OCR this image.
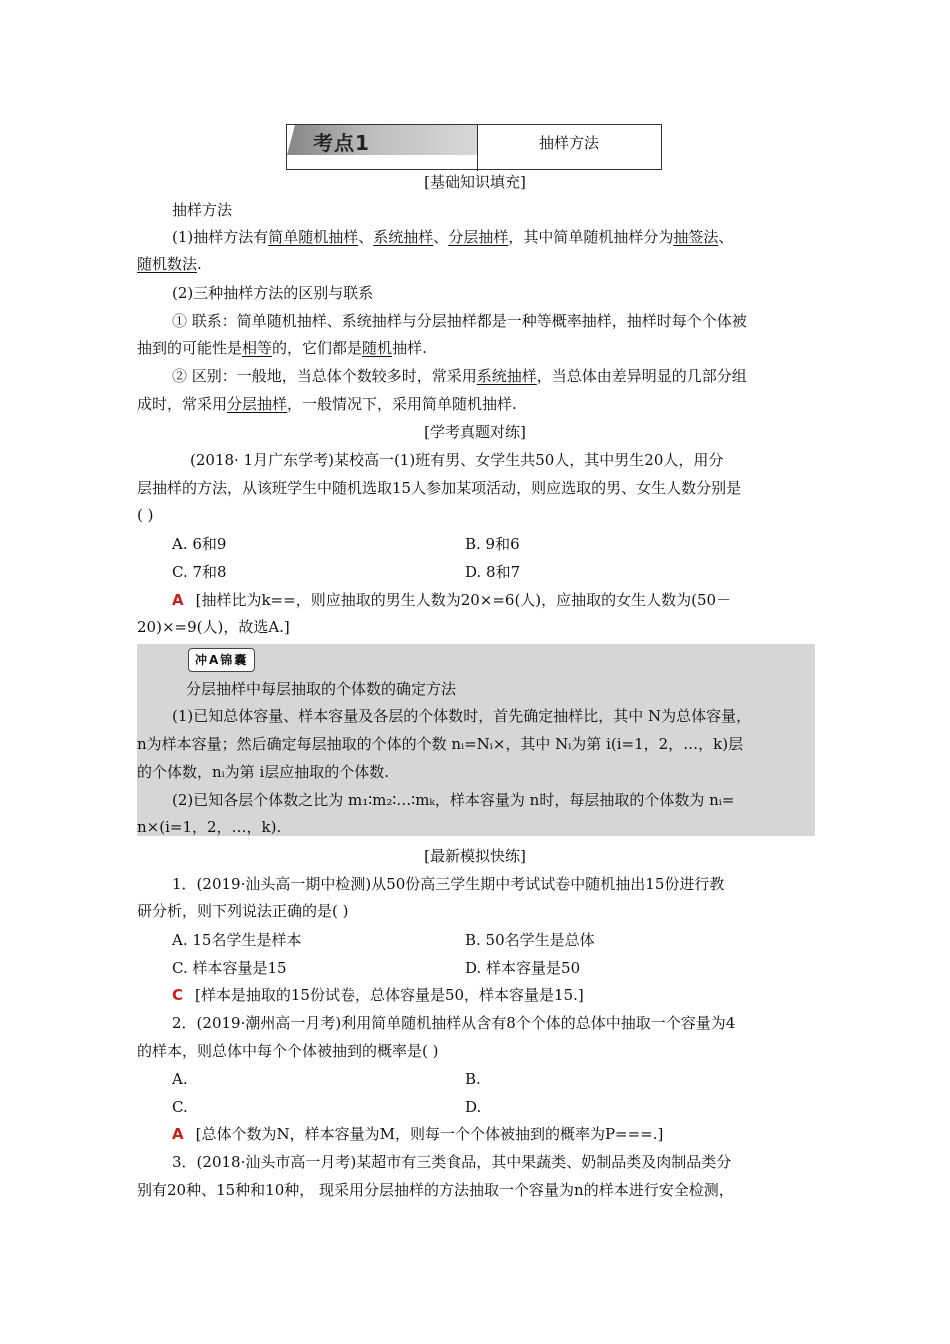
考点1	抽样方法
[基础知识填充]
抽样方法
(1)抽样方法有简单随机抽样、系统抽样、分层抽样，其中简单随机抽样分为抽签法、
随机数法.
(2)三种抽样方法的区别与联系
① 联系：简单随机抽样、系统抽样与分层抽样都是一种等概率抽样，抽样时每个个体被
抽到的可能性是相等的，它们都是随机抽样.
② 区别：一般地，当总体个数较多时，常采用系统抽样，当总体由差异明显的几部分组
成时，常采用分层抽样，一般情况下，采用简单随机抽样.
[学考真题对练]
(2018· 1月广东学考)某校高一(1)班有男、女学生共50人，其中男生20人，用分
层抽样的方法，从该班学生中随机选取15人参加某项活动，则应选取的男、女生人数分别是
( )
A. 6和9	B. 9和6
C. 7和8	D. 8和7
A [抽样比为k==，则应抽取的男生人数为20×=6(人)，应抽取的女生人数为(50－
20)×=9(人)，故选A.]
冲A锦囊
分层抽样中每层抽取的个体数的确定方法
(1)已知总体容量、样本容量及各层的个体数时，首先确定抽样比，其中 N为总体容量，
n为样本容量；然后确定每层抽取的个体的个数 nᵢ=Nᵢ×，其中 Nᵢ为第 i(i=1，2，…，k)层
的个体数，nᵢ为第 i层应抽取的个体数.
(2)已知各层个体数之比为 m₁∶m₂∶…∶mₖ，样本容量为 n时，每层抽取的个体数为 nᵢ=
n×(i=1，2，…，k).
[最新模拟快练]
1．(2019·汕头高一期中检测)从50份高三学生期中考试试卷中随机抽出15份进行教
研分析，则下列说法正确的是( )
A. 15名学生是样本	B. 50名学生是总体
C. 样本容量是15	D. 样本容量是50
C [样本是抽取的15份试卷，总体容量是50，样本容量是15.]
2．(2019·潮州高一月考)利用简单随机抽样从含有8个个体的总体中抽取一个容量为4
的样本，则总体中每个个体被抽到的概率是( )
A.	B.
C.	D.
A [总体个数为N，样本容量为M，则每一个个体被抽到的概率为P===.]
3．(2018·汕头市高一月考)某超市有三类食品，其中果蔬类、奶制品类及肉制品类分
别有20种、15种和10种， 现采用分层抽样的方法抽取一个容量为n的样本进行安全检测，
